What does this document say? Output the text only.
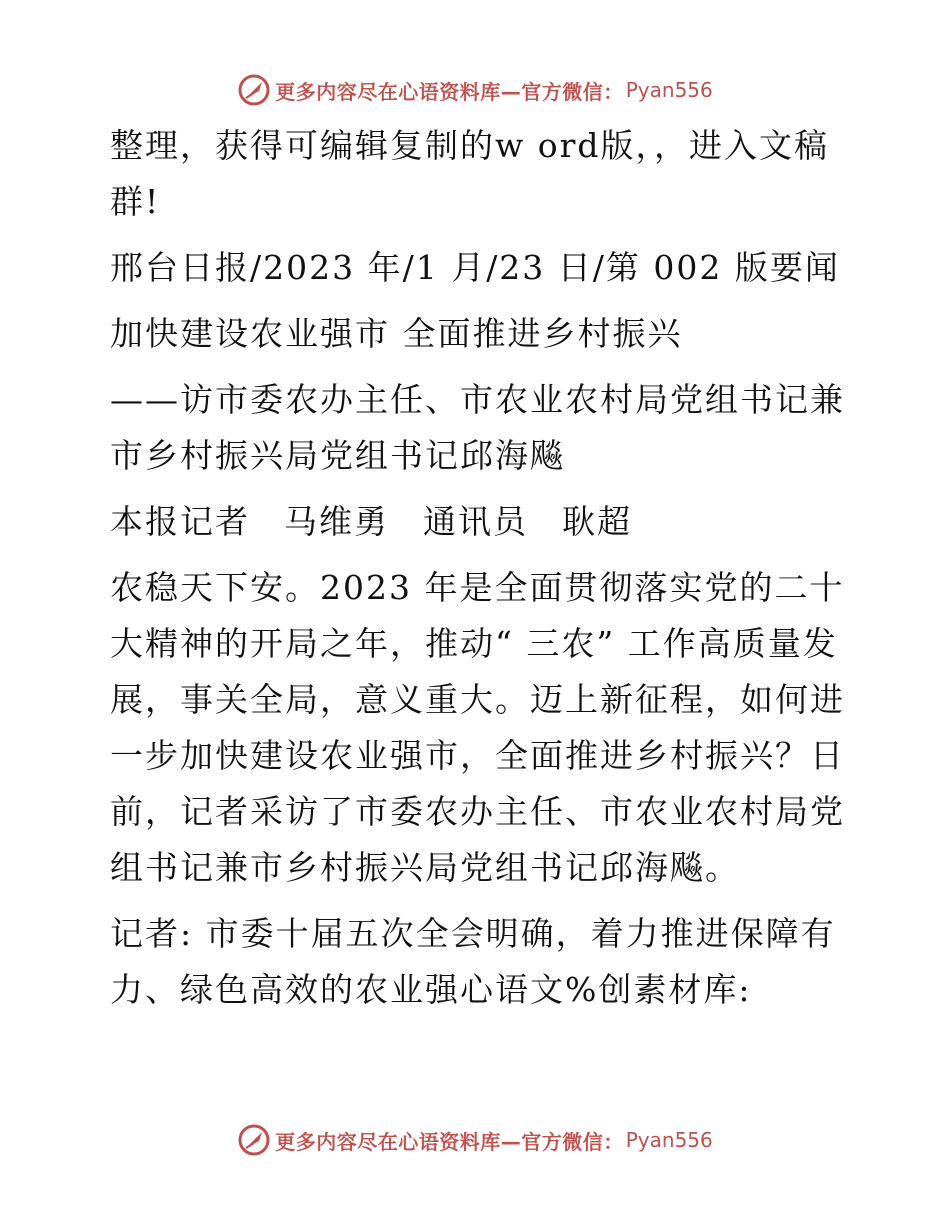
更多内容尽在心语资料库—官方微信： Pyan556

整理，获得可编辑复制的w ord版，，进入文稿群!

邢台日报/2023 年/1 月/23 日/第 002 版要闻

加快建设农业强市 全面推进乡村振兴

——访市委农办主任、市农业农村局党组书记兼市乡村振兴局党组书记邱海飚

本报记者 马维勇 通讯员 耿超

农稳天下安。2023 年是全面贯彻落实党的二十大精神的开局之年，推动“ 三农” 工作高质量发展，事关全局，意义重大。迈上新征程，如何进一步加快建设农业强市，全面推进乡村振兴？日前，记者采访了市委农办主任、市农业农村局党组书记兼市乡村振兴局党组书记邱海飚。

记者: 市委十届五次全会明确，着力推进保障有力、绿色高效的农业强心语文%创素材库:

更多内容尽在心语资料库—官方微信： Pyan556
